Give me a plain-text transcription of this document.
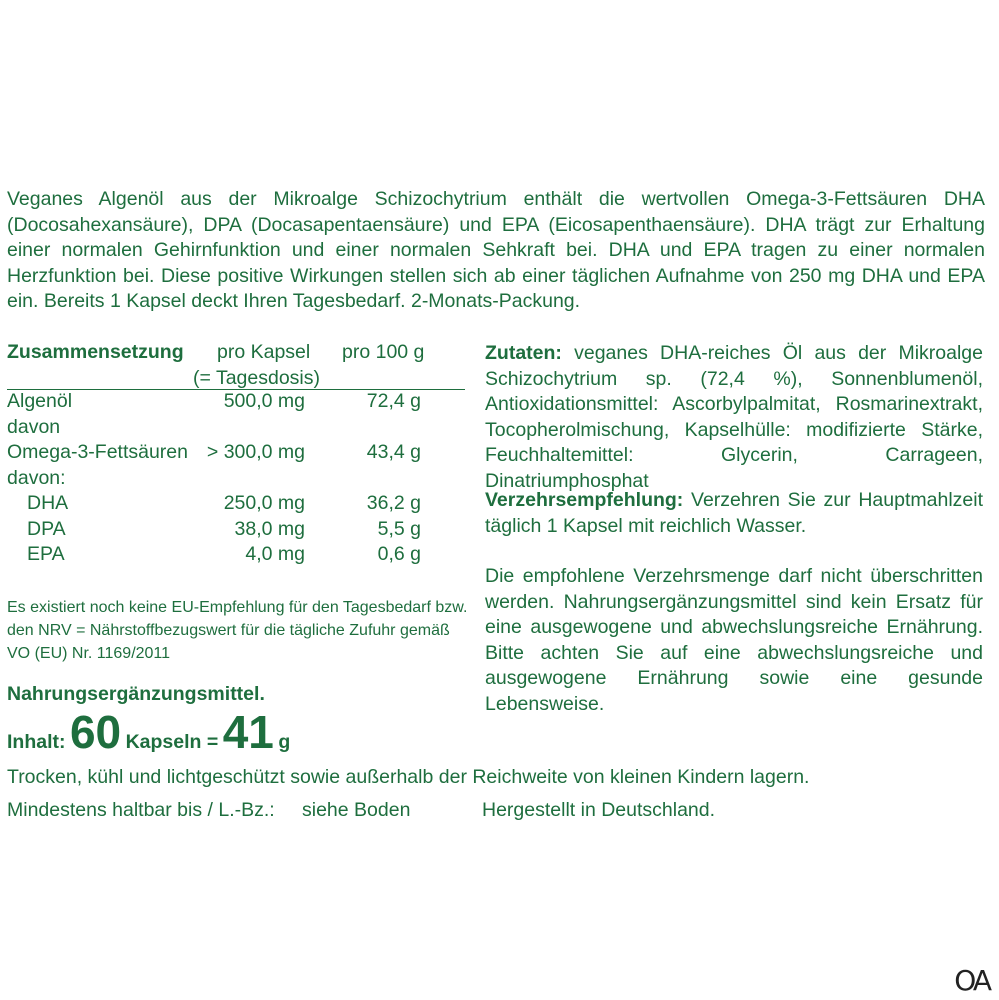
Veganes Algenöl aus der Mikroalge Schizochytrium enthält die wertvollen Omega-3-Fettsäuren DHA (Docosahexansäure), DPA (Docasapentaensäure) und EPA (Eicosapenthaensäure). DHA trägt zur Erhaltung einer normalen Gehirnfunktion und einer normalen Sehkraft bei. DHA und EPA tragen zu einer normalen Herzfunktion bei. Diese positive Wirkungen stellen sich ab einer täglichen Aufnahme von 250 mg DHA und EPA ein. Bereits 1 Kapsel deckt Ihren Tagesbedarf. 2-Monats-Packung.

Zusammensetzung pro Kapsel pro 100 g
(= Tagesdosis)
Algenöl	500,0 mg	72,4 g
davon
Omega-3-Fettsäuren > 300,0 mg	43,4 g
davon:
DHA	250,0 mg	36,2 g
DPA	38,0 mg	5,5 g
EPA	4,0 mg	0,6 g
Es existiert noch keine EU-Empfehlung für den Tagesbedarf bzw. den NRV = Nährstoffbezugswert für die tägliche Zufuhr gemäß VO (EU) Nr. 1169/2011
Nahrungsergänzungsmittel.
Inhalt: 60 Kapseln = 41 g
Trocken, kühl und lichtgeschützt sowie außerhalb der Reichweite von kleinen Kindern lagern.
Mindestens haltbar bis / L.-Bz.: siehe Boden	Hergestellt in Deutschland.

Zutaten: veganes DHA-reiches Öl aus der Mikroalge Schizochytrium sp. (72,4 %), Sonnenblumenöl, Antioxidationsmittel: Ascorbylpalmitat, Rosmarinextrakt, Tocopherolmischung, Kapselhülle: modifizierte Stärke, Feuchhaltemittel: Glycerin, Carrageen, Dinatriumphosphat

Verzehrsempfehlung: Verzehren Sie zur Hauptmahlzeit täglich 1 Kapsel mit reichlich Wasser.

Die empfohlene Verzehrsmenge darf nicht überschritten werden. Nahrungsergänzungsmittel sind kein Ersatz für eine ausgewogene und abwechslungsreiche Ernährung. Bitte achten Sie auf eine abwechslungsreiche und ausgewogene Ernährung sowie eine gesunde Lebensweise.

OA
